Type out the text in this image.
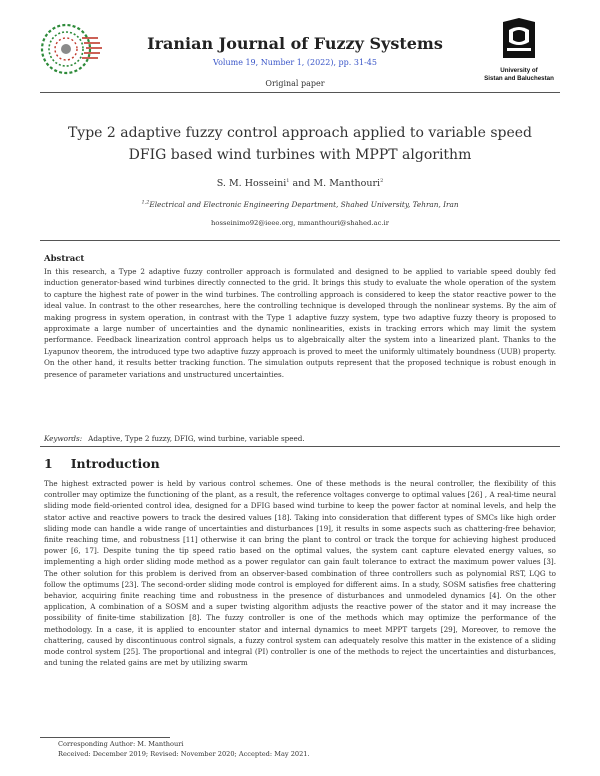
Iranian Journal of Fuzzy Systems
Volume 19, Number 1, (2022), pp. 31-45
Original paper
University of
Sistan and Baluchestan
Type 2 adaptive fuzzy control approach applied to variable speed DFIG based wind turbines with MPPT algorithm
S. M. Hosseini$^1$ and M. Manthouri$^2$
$^{1,2}$Electrical and Electronic Engineering Department, Shahed University, Tehran, Iran
hosseinimo92@ieee.org, mmanthouri@shahed.ac.ir
Abstract

In this research, a Type 2 adaptive fuzzy controller approach is formulated and designed to be applied to variable speed doubly fed induction generator-based wind turbines directly connected to the grid. It brings this study to evaluate the whole operation of the system to capture the highest rate of power in the wind turbines. The controlling approach is considered to keep the stator reactive power to the ideal value. In contrast to the other researches, here the controlling technique is developed through the nonlinear systems. By the aim of making progress in system operation, in contrast with the Type 1 adaptive fuzzy system, type two adaptive fuzzy theory is proposed to approximate a large number of uncertainties and the dynamic nonlinearities, exists in tracking errors which may limit the system performance. Feedback linearization control approach helps us to algebraically alter the system into a linearized plant. Thanks to the Lyapunov theorem, the introduced type two adaptive fuzzy approach is proved to meet the uniformly ultimately boundness (UUB) property. On the other hand, it results better tracking function. The simulation outputs represent that the proposed technique is robust enough in presence of parameter variations and unstructured uncertainties.

Keywords: Adaptive, Type 2 fuzzy, DFIG, wind turbine, variable speed.
1 Introduction

The highest extracted power is held by various control schemes. One of these methods is the neural controller, the flexibility of this controller may optimize the functioning of the plant, as a result, the reference voltages converge to optimal values [26] , A real-time neural sliding mode field-oriented control idea, designed for a DFIG based wind turbine to keep the power factor at nominal levels, and help the stator active and reactive powers to track the desired values [18]. Taking into consideration that different types of SMCs like high order sliding mode can handle a wide range of uncertainties and disturbances [19], it results in some aspects such as chattering-free behavior, finite reaching time, and robustness [11] otherwise it can bring the plant to control or track the torque for achieving highest produced power [6, 17]. Despite tuning the tip speed ratio based on the optimal values, the system cant capture elevated energy values, so implementing a high order sliding mode method as a power regulator can gain fault tolerance to extract the maximum power values [3]. The other solution for this problem is derived from an observer-based combination of three controllers such as polynomial RST, LQG to follow the optimums [23]. The second-order sliding mode control is employed for different aims. In a study, SOSM satisfies free chattering behavior, acquiring finite reaching time and robustness in the presence of disturbances and unmodeled dynamics [4]. On the other application, A combination of a SOSM and a super twisting algorithm adjusts the reactive power of the stator and it may increase the possibility of finite-time stabilization [8]. The fuzzy controller is one of the methods which may optimize the performance of the methodology. In a case, it is applied to encounter stator and internal dynamics to meet MPPT targets [29], Moreover, to remove the chattering, caused by discontinuous control signals, a fuzzy control system can adequately resolve this matter in the existence of a sliding mode control system [25]. The proportional and integral (PI) controller is one of the methods to reject the uncertainties and disturbances, and tuning the related gains are met by utilizing swarm

Corresponding Author: M. Manthouri
Received: December 2019; Revised: November 2020; Accepted: May 2021.
